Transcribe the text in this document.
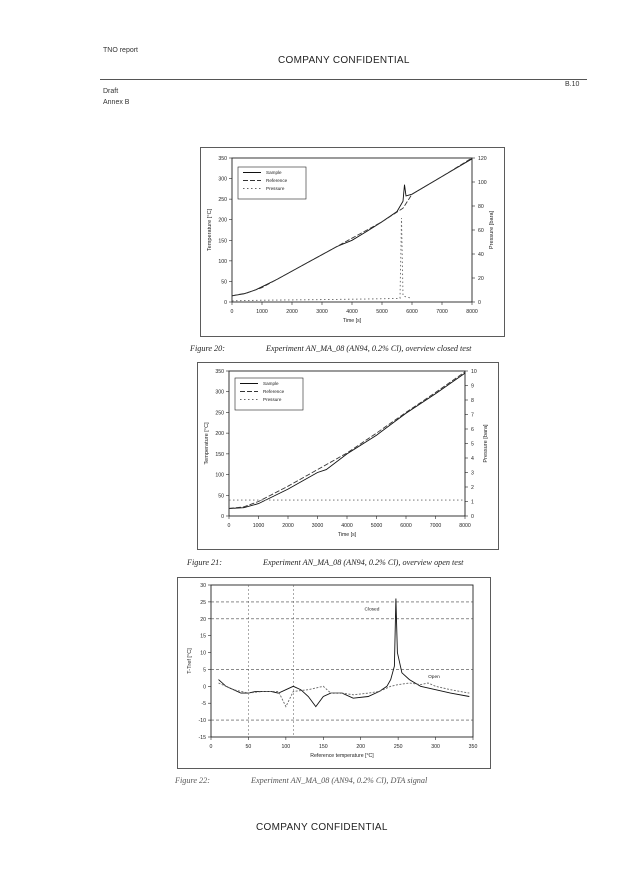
TNO report
COMPANY CONFIDENTIAL
Draft
Annex B
B.10
0	1000	2000	3000	4000	5000	6000	7000	8000
0
50
100
150
200
250
300
350
0
20
40
60
80
100
120
Time [s]
Temperature [°C]	Pressure [bara]
Sample
Reference
Pressure
Figure 20:	Experiment AN_MA_08 (AN94, 0.2% Cl), overview closed test
0	1000	2000	3000	4000	5000	6000	7000	8000
0
50
100
150
200
250
300
350
0
1
2
3
4
5
6
7
8
9
10
Time [s]
Temperature [°C]	Pressure [bara]
Sample
Reference
Pressure
Figure 21:	Experiment AN_MA_08 (AN94, 0.2% Cl), overview open test
0	50	100	150	200	250	300	350
-15
-10
-5
0
5
10
15
20
25
30
Reference temperature [°C]
T-Tref [°C]
Closed
Open
Figure 22:	Experiment AN_MA_08 (AN94, 0.2% Cl), DTA signal
COMPANY CONFIDENTIAL
